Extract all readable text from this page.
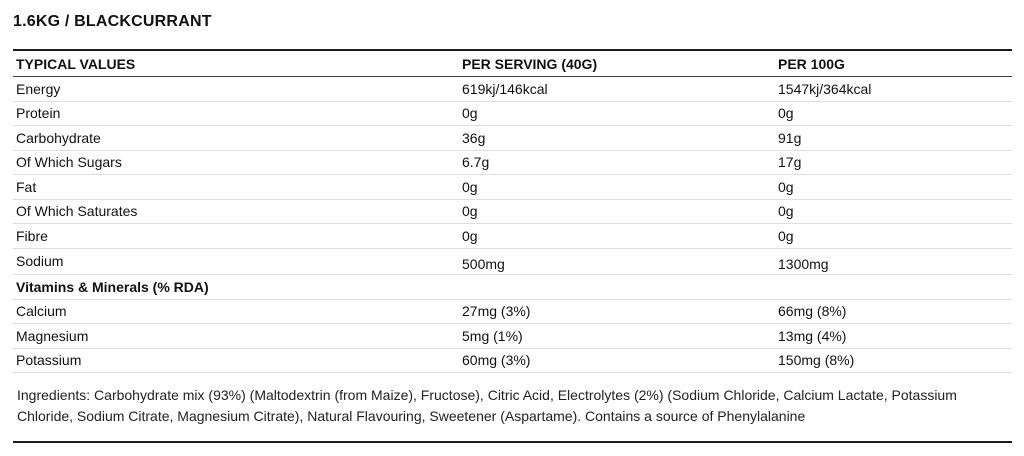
1.6KG / BLACKCURRANT
TYPICAL VALUES	PER SERVING (40G)	PER 100G
Energy	619kj/146kcal	1547kj/364kcal
Protein	0g	0g
Carbohydrate	36g	91g
Of Which Sugars	6.7g	17g
Fat	0g	0g
Of Which Saturates	0g	0g
Fibre	0g	0g
Sodium	500mg	1300mg
Vitamins & Minerals (% RDA)		
Calcium	27mg (3%)	66mg (8%)
Magnesium	5mg (1%)	13mg (4%)
Potassium	60mg (3%)	150mg (8%)

Ingredients: Carbohydrate mix (93%) (Maltodextrin (from Maize), Fructose), Citric Acid, Electrolytes (2%) (Sodium Chloride, Calcium Lactate, Potassium Chloride, Sodium Citrate, Magnesium Citrate), Natural Flavouring, Sweetener (Aspartame). Contains a source of Phenylalanine
